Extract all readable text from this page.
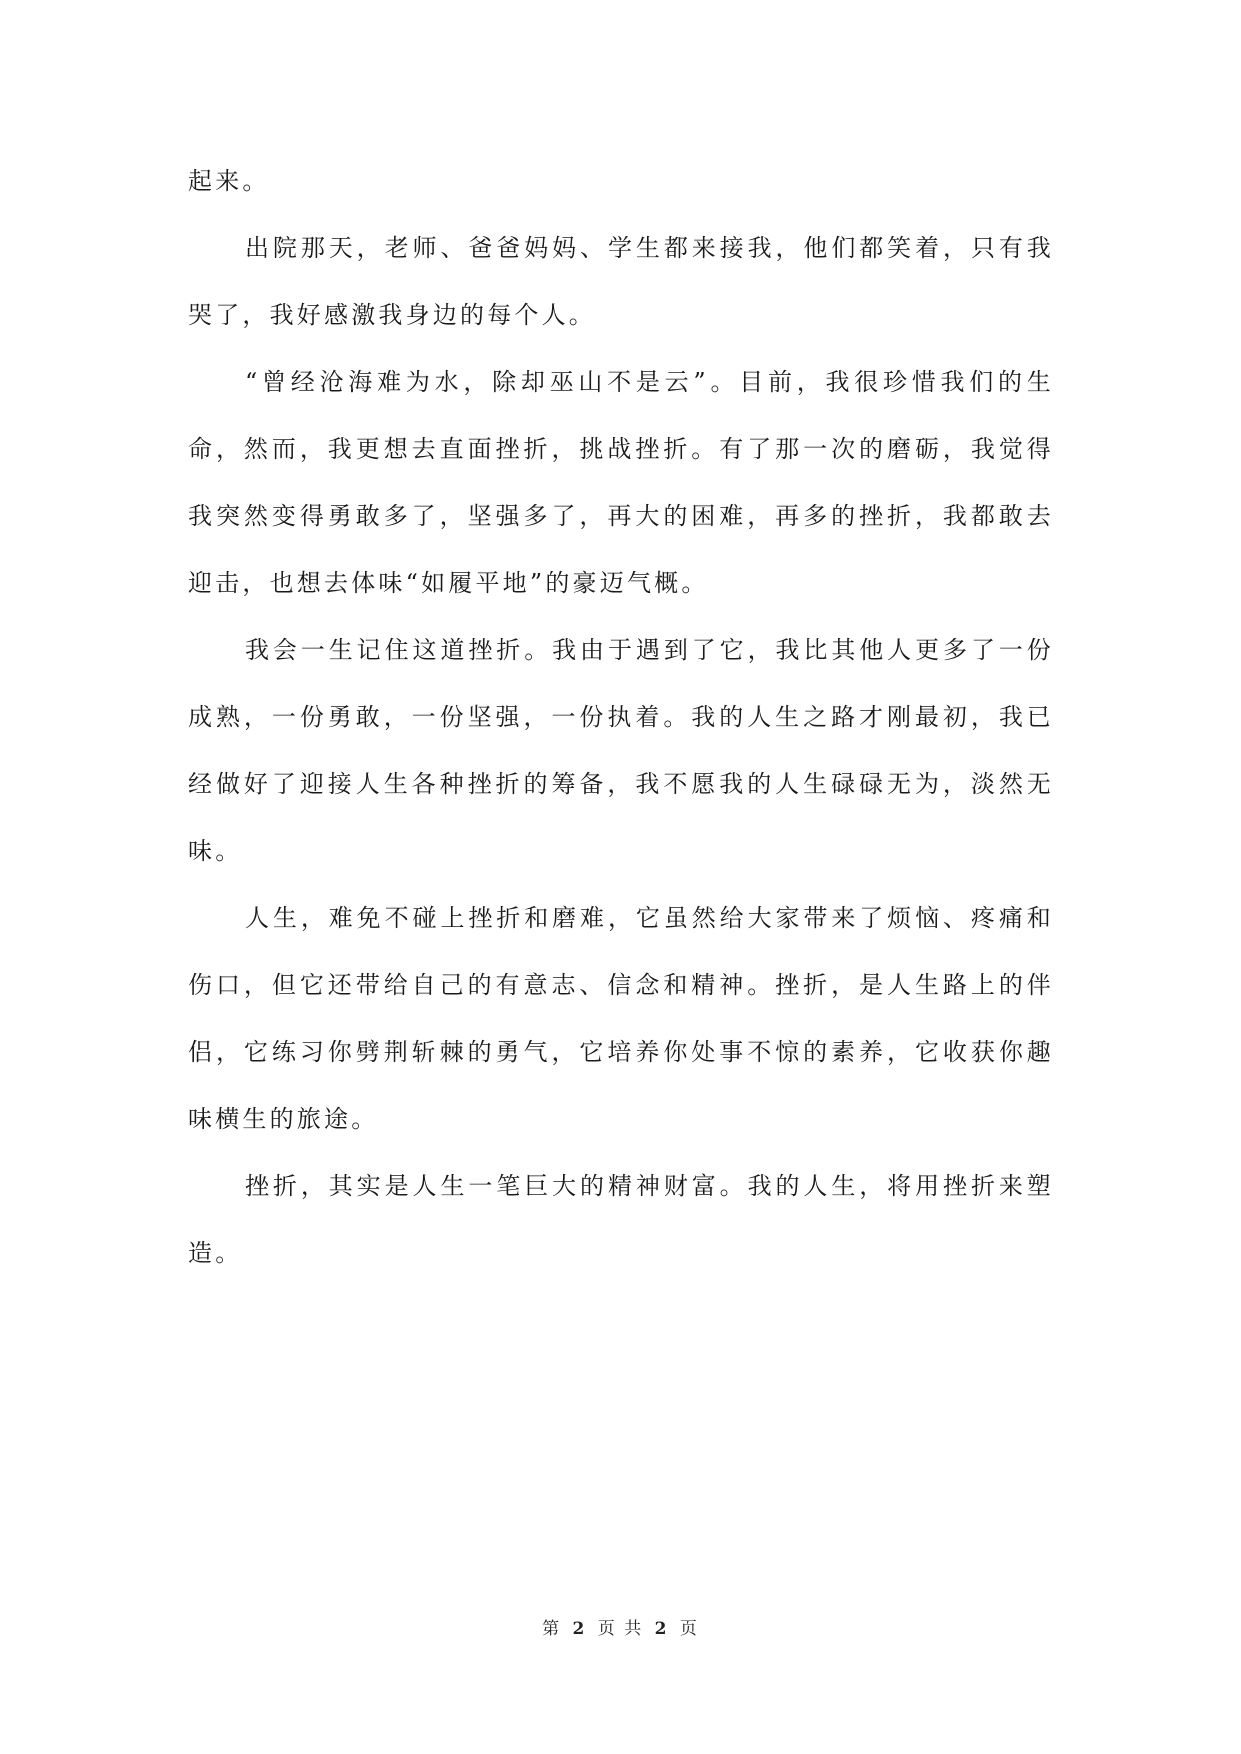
起来。

出院那天，老师、爸爸妈妈、学生都来接我，他们都笑着，只有我哭了，我好感激我身边的每个人。

“曾经沧海难为水，除却巫山不是云”。目前，我很珍惜我们的生命，然而，我更想去直面挫折，挑战挫折。有了那一次的磨砺，我觉得我突然变得勇敢多了，坚强多了，再大的困难，再多的挫折，我都敢去迎击，也想去体味“如履平地”的豪迈气概。

我会一生记住这道挫折。我由于遇到了它，我比其他人更多了一份成熟，一份勇敢，一份坚强，一份执着。我的人生之路才刚最初，我已经做好了迎接人生各种挫折的筹备，我不愿我的人生碌碌无为，淡然无味。

人生，难免不碰上挫折和磨难，它虽然给大家带来了烦恼、疼痛和伤口，但它还带给自己的有意志、信念和精神。挫折，是人生路上的伴侣，它练习你劈荆斩棘的勇气，它培养你处事不惊的素养，它收获你趣味横生的旅途。

挫折，其实是人生一笔巨大的精神财富。我的人生，将用挫折来塑造。

第 2 页 共 2 页
